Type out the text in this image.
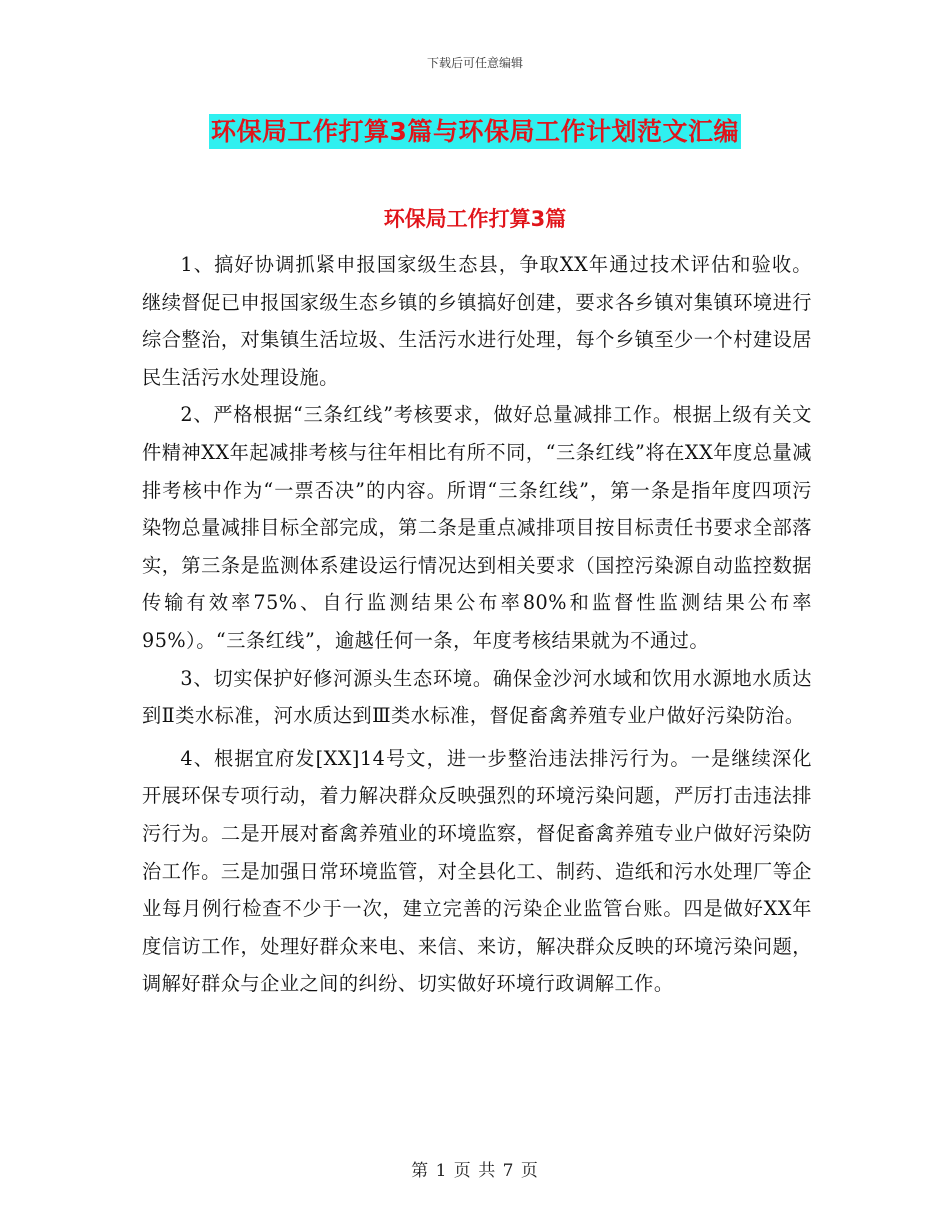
下载后可任意编辑
环保局工作打算3篇与环保局工作计划范文汇编
环保局工作打算3篇

1、搞好协调抓紧申报国家级生态县，争取XX年通过技术评估和验收。继续督促已申报国家级生态乡镇的乡镇搞好创建，要求各乡镇对集镇环境进行综合整治，对集镇生活垃圾、生活污水进行处理，每个乡镇至少一个村建设居民生活污水处理设施。

2、严格根据“三条红线”考核要求，做好总量减排工作。根据上级有关文件精神XX年起减排考核与往年相比有所不同，“三条红线”将在XX年度总量减排考核中作为“一票否决”的内容。所谓“三条红线”，第一条是指年度四项污染物总量减排目标全部完成，第二条是重点减排项目按目标责任书要求全部落实，第三条是监测体系建设运行情况达到相关要求（国控污染源自动监控数据传输有效率75%、自行监测结果公布率80%和监督性监测结果公布率95%）。“三条红线”，逾越任何一条，年度考核结果就为不通过。

3、切实保护好修河源头生态环境。确保金沙河水域和饮用水源地水质达到Ⅱ类水标准，河水质达到Ⅲ类水标准，督促畜禽养殖专业户做好污染防治。

4、根据宜府发[XX]14号文，进一步整治违法排污行为。一是继续深化开展环保专项行动，着力解决群众反映强烈的环境污染问题，严厉打击违法排污行为。二是开展对畜禽养殖业的环境监察，督促畜禽养殖专业户做好污染防治工作。三是加强日常环境监管，对全县化工、制药、造纸和污水处理厂等企业每月例行检查不少于一次，建立完善的污染企业监管台账。四是做好XX年度信访工作，处理好群众来电、来信、来访，解决群众反映的环境污染问题，调解好群众与企业之间的纠纷、切实做好环境行政调解工作。

第 1 页 共 7 页
